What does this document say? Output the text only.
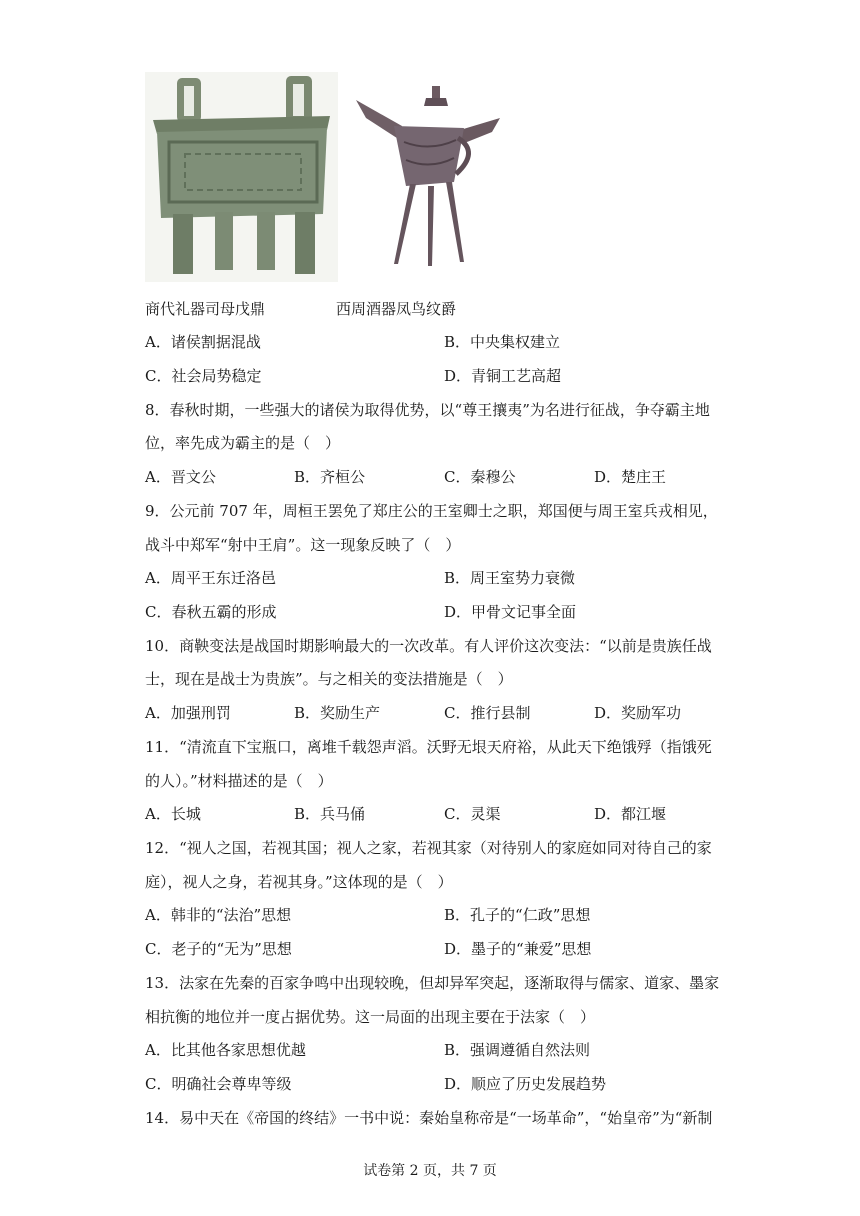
商代礼器司母戊鼎	西周酒器凤鸟纹爵
A．诸侯割据混战	B．中央集权建立
C．社会局势稳定	D．青铜工艺高超
8．春秋时期，一些强大的诸侯为取得优势，以“尊王攘夷”为名进行征战，争夺霸主地
位，率先成为霸主的是（　）
A．晋文公	B．齐桓公	C．秦穆公	D．楚庄王
9．公元前 707 年，周桓王罢免了郑庄公的王室卿士之职，郑国便与周王室兵戎相见，
战斗中郑军“射中王肩”。这一现象反映了（　）
A．周平王东迁洛邑	B．周王室势力衰微
C．春秋五霸的形成	D．甲骨文记事全面
10．商鞅变法是战国时期影响最大的一次改革。有人评价这次变法：“以前是贵族任战
士，现在是战士为贵族”。与之相关的变法措施是（　）
A．加强刑罚	B．奖励生产	C．推行县制	D．奖励军功
11．“清流直下宝瓶口，离堆千载怨声滔。沃野无垠天府裕，从此天下绝饿殍（指饿死
的人）。”材料描述的是（　）
A．长城	B．兵马俑	C．灵渠	D．都江堰
12．“视人之国，若视其国；视人之家，若视其家（对待别人的家庭如同对待自己的家
庭），视人之身，若视其身。”这体现的是（　）
A．韩非的“法治”思想	B．孔子的“仁政”思想
C．老子的“无为”思想	D．墨子的“兼爱”思想
13．法家在先秦的百家争鸣中出现较晚，但却异军突起，逐渐取得与儒家、道家、墨家
相抗衡的地位并一度占据优势。这一局面的出现主要在于法家（　）
A．比其他各家思想优越	B．强调遵循自然法则
C．明确社会尊卑等级	D．顺应了历史发展趋势
14．易中天在《帝国的终结》一书中说：秦始皇称帝是“一场革命”，“始皇帝”为“新制
试卷第 2 页，共 7 页
